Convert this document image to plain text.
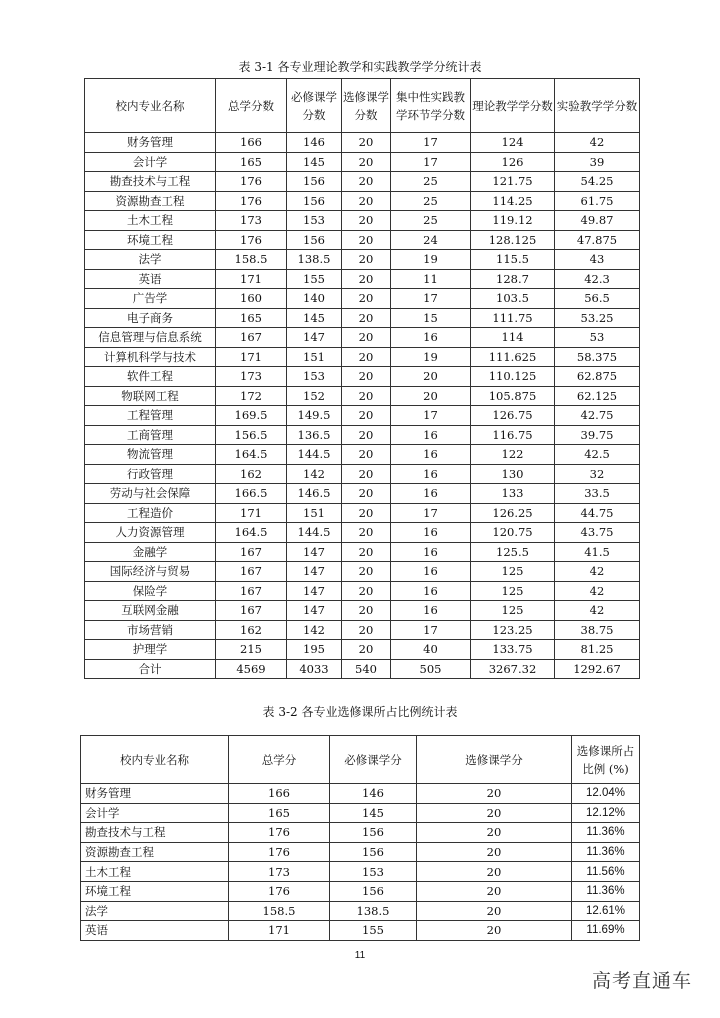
表 3-1 各专业理论教学和实践教学学分统计表
校内专业名称	总学分数	必修课学分数	选修课学分数	集中性实践教学环节学分数	理论教学学分数	实验教学学分数
财务管理	166	146	20	17	124	42
会计学	165	145	20	17	126	39
勘查技术与工程	176	156	20	25	121.75	54.25
资源勘查工程	176	156	20	25	114.25	61.75
土木工程	173	153	20	25	119.12	49.87
环境工程	176	156	20	24	128.125	47.875
法学	158.5	138.5	20	19	115.5	43
英语	171	155	20	11	128.7	42.3
广告学	160	140	20	17	103.5	56.5
电子商务	165	145	20	15	111.75	53.25
信息管理与信息系统	167	147	20	16	114	53
计算机科学与技术	171	151	20	19	111.625	58.375
软件工程	173	153	20	20	110.125	62.875
物联网工程	172	152	20	20	105.875	62.125
工程管理	169.5	149.5	20	17	126.75	42.75
工商管理	156.5	136.5	20	16	116.75	39.75
物流管理	164.5	144.5	20	16	122	42.5
行政管理	162	142	20	16	130	32
劳动与社会保障	166.5	146.5	20	16	133	33.5
工程造价	171	151	20	17	126.25	44.75
人力资源管理	164.5	144.5	20	16	120.75	43.75
金融学	167	147	20	16	125.5	41.5
国际经济与贸易	167	147	20	16	125	42
保险学	167	147	20	16	125	42
互联网金融	167	147	20	16	125	42
市场营销	162	142	20	17	123.25	38.75
护理学	215	195	20	40	133.75	81.25
合计	4569	4033	540	505	3267.32	1292.67
表 3-2 各专业选修课所占比例统计表
校内专业名称	总学分	必修课学分	选修课学分	选修课所占比例 (%)
财务管理	166	146	20	12.04%
会计学	165	145	20	12.12%
勘查技术与工程	176	156	20	11.36%
资源勘查工程	176	156	20	11.36%
土木工程	173	153	20	11.56%
环境工程	176	156	20	11.36%
法学	158.5	138.5	20	12.61%
英语	171	155	20	11.69%
11
高考直通车
